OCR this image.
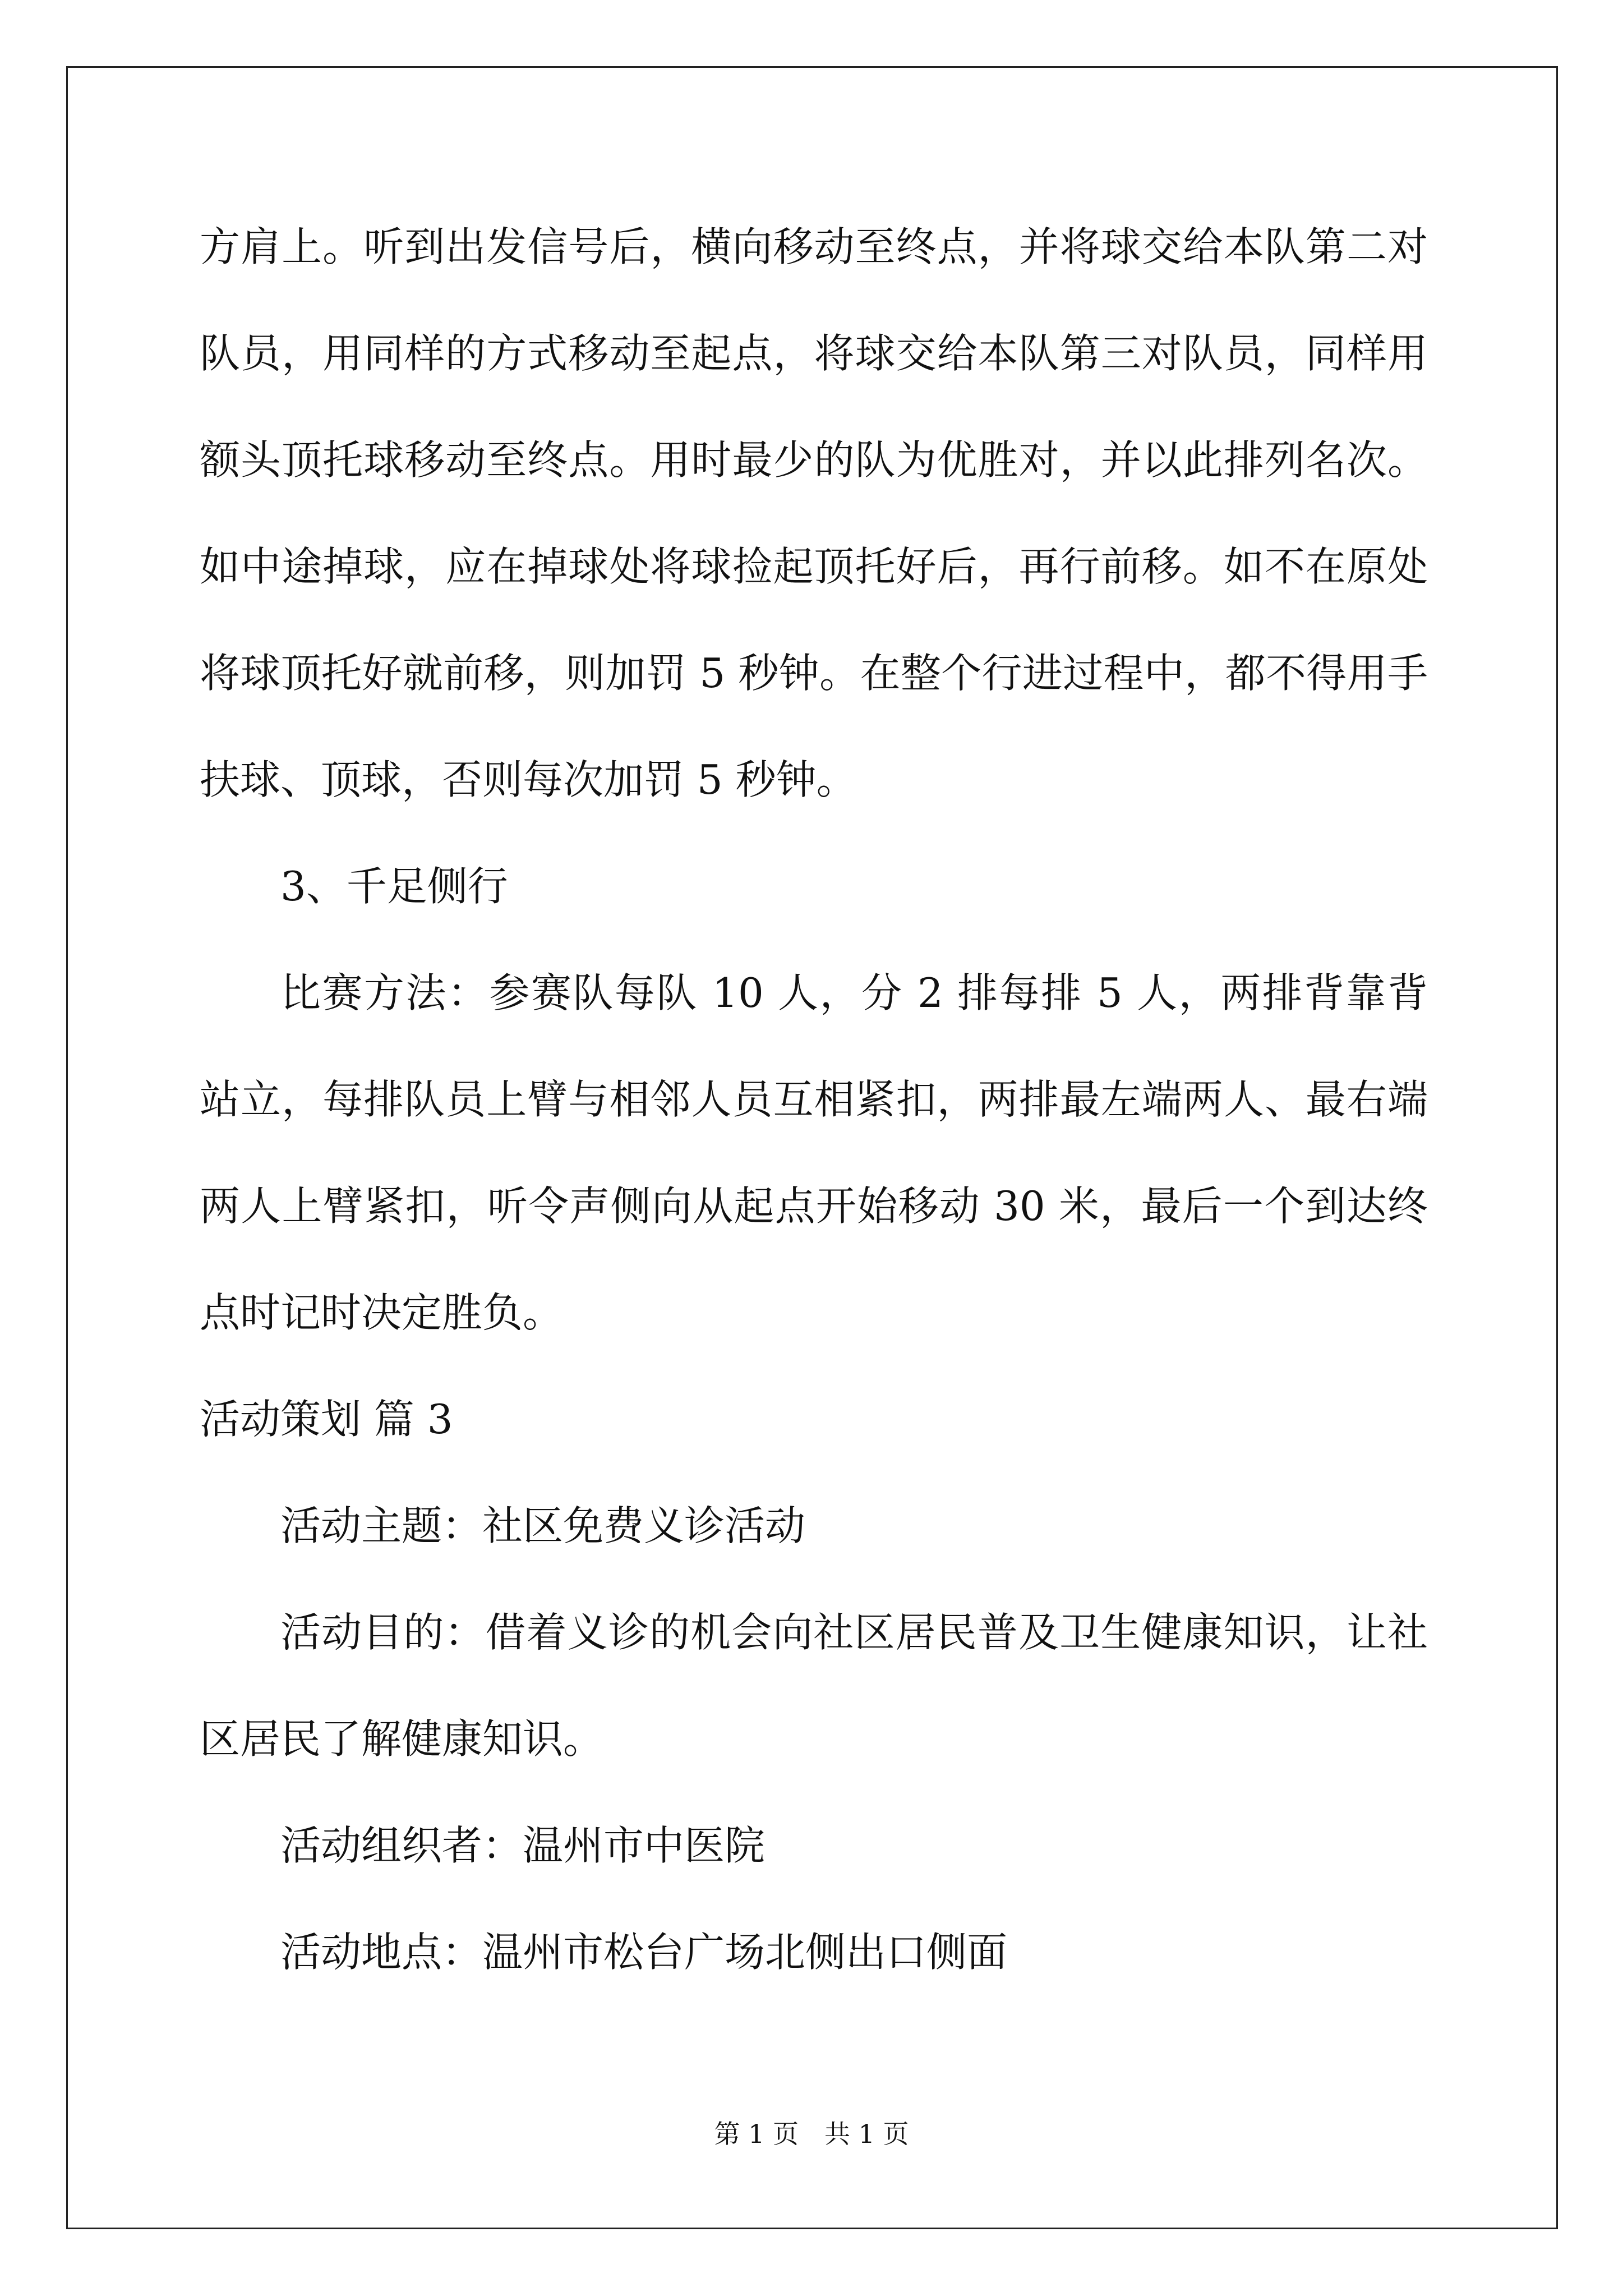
方肩上。听到出发信号后，横向移动至终点，并将球交给本队第二对队员，用同样的方式移动至起点，将球交给本队第三对队员，同样用额头顶托球移动至终点。用时最少的队为优胜对，并以此排列名次。如中途掉球，应在掉球处将球捡起顶托好后，再行前移。如不在原处将球顶托好就前移，则加罚 5 秒钟。在整个行进过程中，都不得用手扶球、顶球，否则每次加罚 5 秒钟。

3、千足侧行

比赛方法：参赛队每队 10 人，分 2 排每排 5 人，两排背靠背站立，每排队员上臂与相邻人员互相紧扣，两排最左端两人、最右端两人上臂紧扣，听令声侧向从起点开始移动 30 米，最后一个到达终点时记时决定胜负。

活动策划 篇 3

活动主题：社区免费义诊活动

活动目的：借着义诊的机会向社区居民普及卫生健康知识，让社区居民了解健康知识。

活动组织者：温州市中医院

活动地点：温州市松台广场北侧出口侧面

第 1 页　共 1 页
